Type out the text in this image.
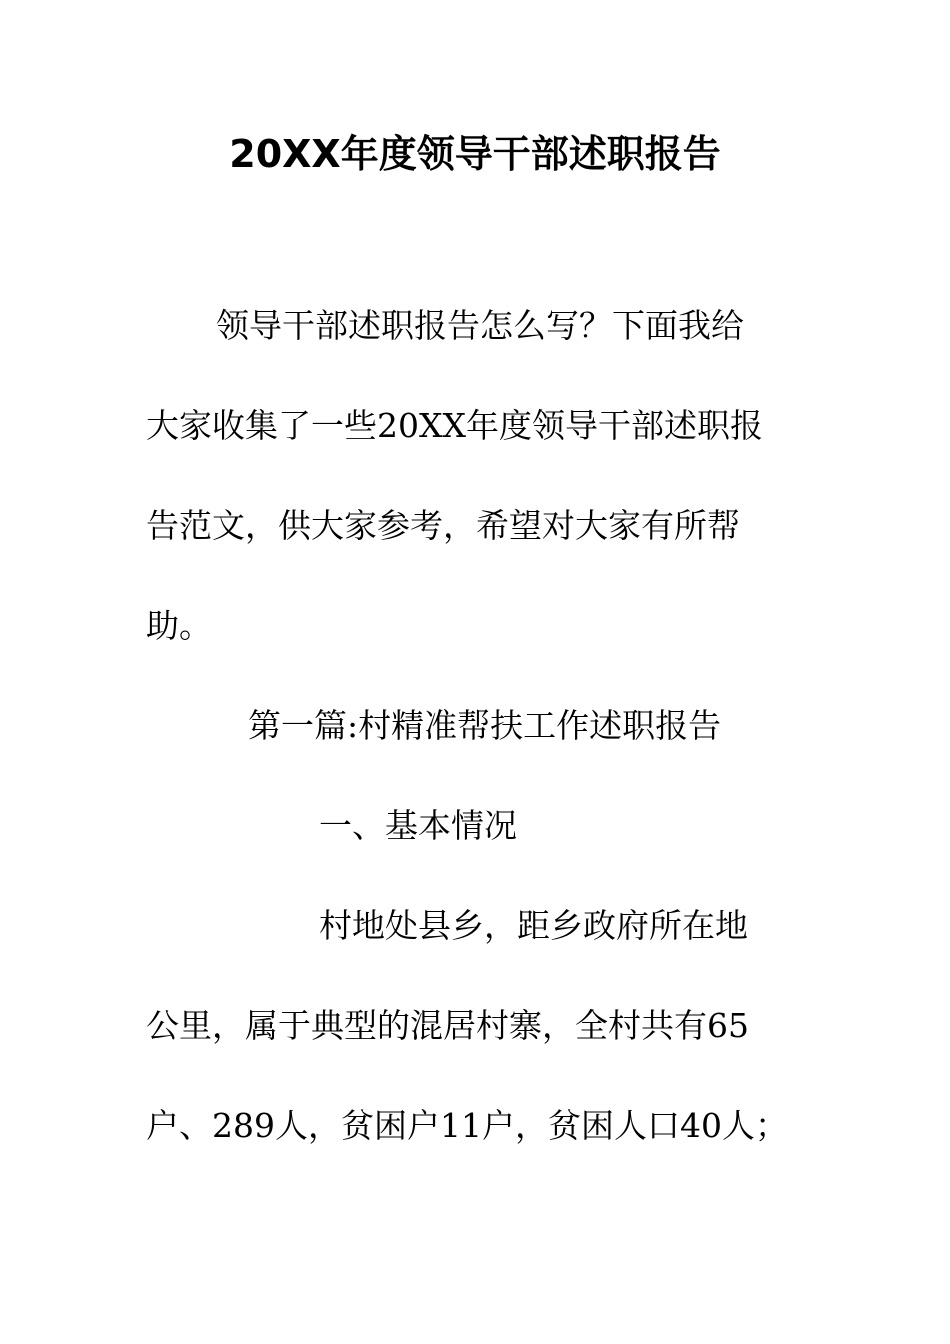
20XX年度领导干部述职报告
领导干部述职报告怎么写？下面我给
大家收集了一些20XX年度领导干部述职报
告范文，供大家参考，希望对大家有所帮
助。
第一篇:村精准帮扶工作述职报告
一、基本情况
村地处县乡，距乡政府所在地
公里，属于典型的混居村寨，全村共有65
户、289人，贫困户11户，贫困人口40人；
